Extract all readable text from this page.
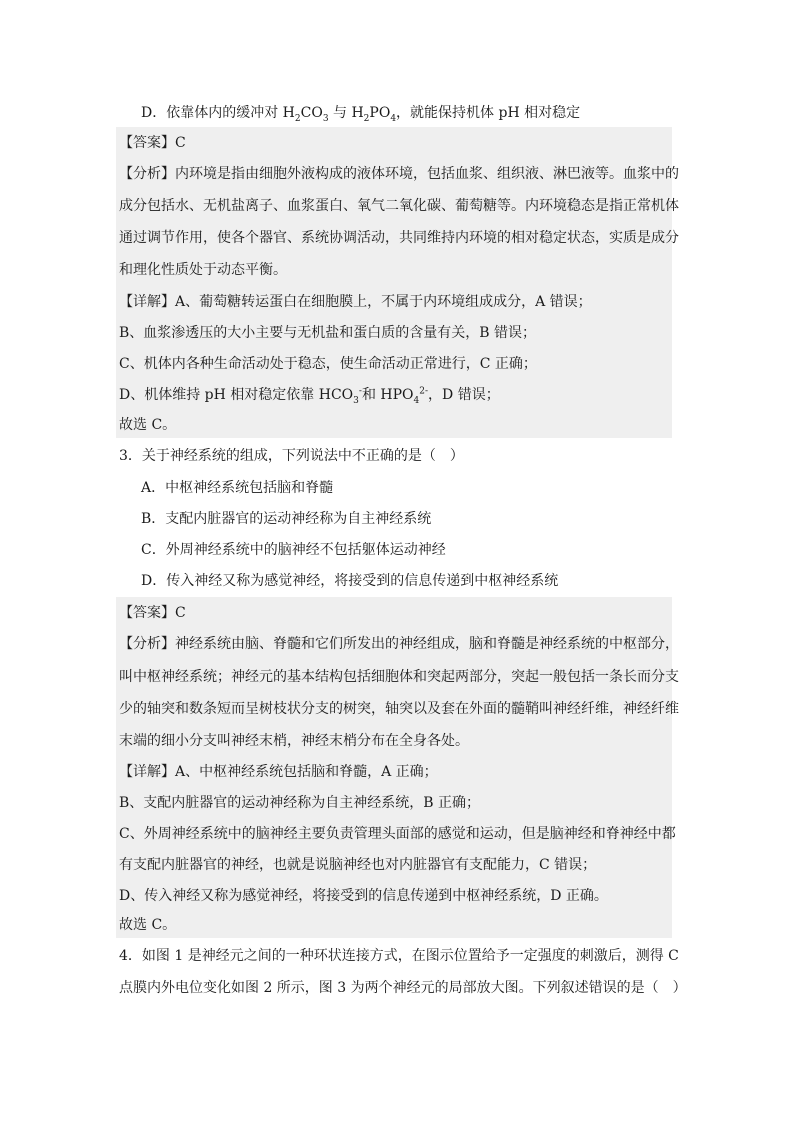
D．依靠体内的缓冲对 $H_2CO_3$ 与 $H_2PO_4$，就能保持机体 pH 相对稳定
【答案】C
【分析】内环境是指由细胞外液构成的液体环境，包括血浆、组织液、淋巴液等。血浆中的
成分包括水、无机盐离子、血浆蛋白、氧气二氧化碳、葡萄糖等。内环境稳态是指正常机体
通过调节作用，使各个器官、系统协调活动，共同维持内环境的相对稳定状态，实质是成分
和理化性质处于动态平衡。
【详解】A、葡萄糖转运蛋白在细胞膜上，不属于内环境组成成分，A 错误；
B、血浆渗透压的大小主要与无机盐和蛋白质的含量有关，B 错误；
C、机体内各种生命活动处于稳态，使生命活动正常进行，C 正确；
D、机体维持 pH 相对稳定依靠 $HCO_3^-$和 $HPO_4^{2-}$，D 错误；
故选 C。
3．关于神经系统的组成，下列说法中不正确的是（　）
A．中枢神经系统包括脑和脊髓
B．支配内脏器官的运动神经称为自主神经系统
C．外周神经系统中的脑神经不包括躯体运动神经
D．传入神经又称为感觉神经，将接受到的信息传递到中枢神经系统
【答案】C
【分析】神经系统由脑、脊髓和它们所发出的神经组成，脑和脊髓是神经系统的中枢部分，
叫中枢神经系统；神经元的基本结构包括细胞体和突起两部分，突起一般包括一条长而分支
少的轴突和数条短而呈树枝状分支的树突，轴突以及套在外面的髓鞘叫神经纤维，神经纤维
末端的细小分支叫神经末梢，神经末梢分布在全身各处。
【详解】A、中枢神经系统包括脑和脊髓，A 正确；
B、支配内脏器官的运动神经称为自主神经系统，B 正确；
C、外周神经系统中的脑神经主要负责管理头面部的感觉和运动，但是脑神经和脊神经中都
有支配内脏器官的神经，也就是说脑神经也对内脏器官有支配能力，C 错误；
D、传入神经又称为感觉神经，将接受到的信息传递到中枢神经系统，D 正确。
故选 C。
4．如图 1 是神经元之间的一种环状连接方式，在图示位置给予一定强度的刺激后，测得 C
点膜内外电位变化如图 2 所示，图 3 为两个神经元的局部放大图。下列叙述错误的是（　）
